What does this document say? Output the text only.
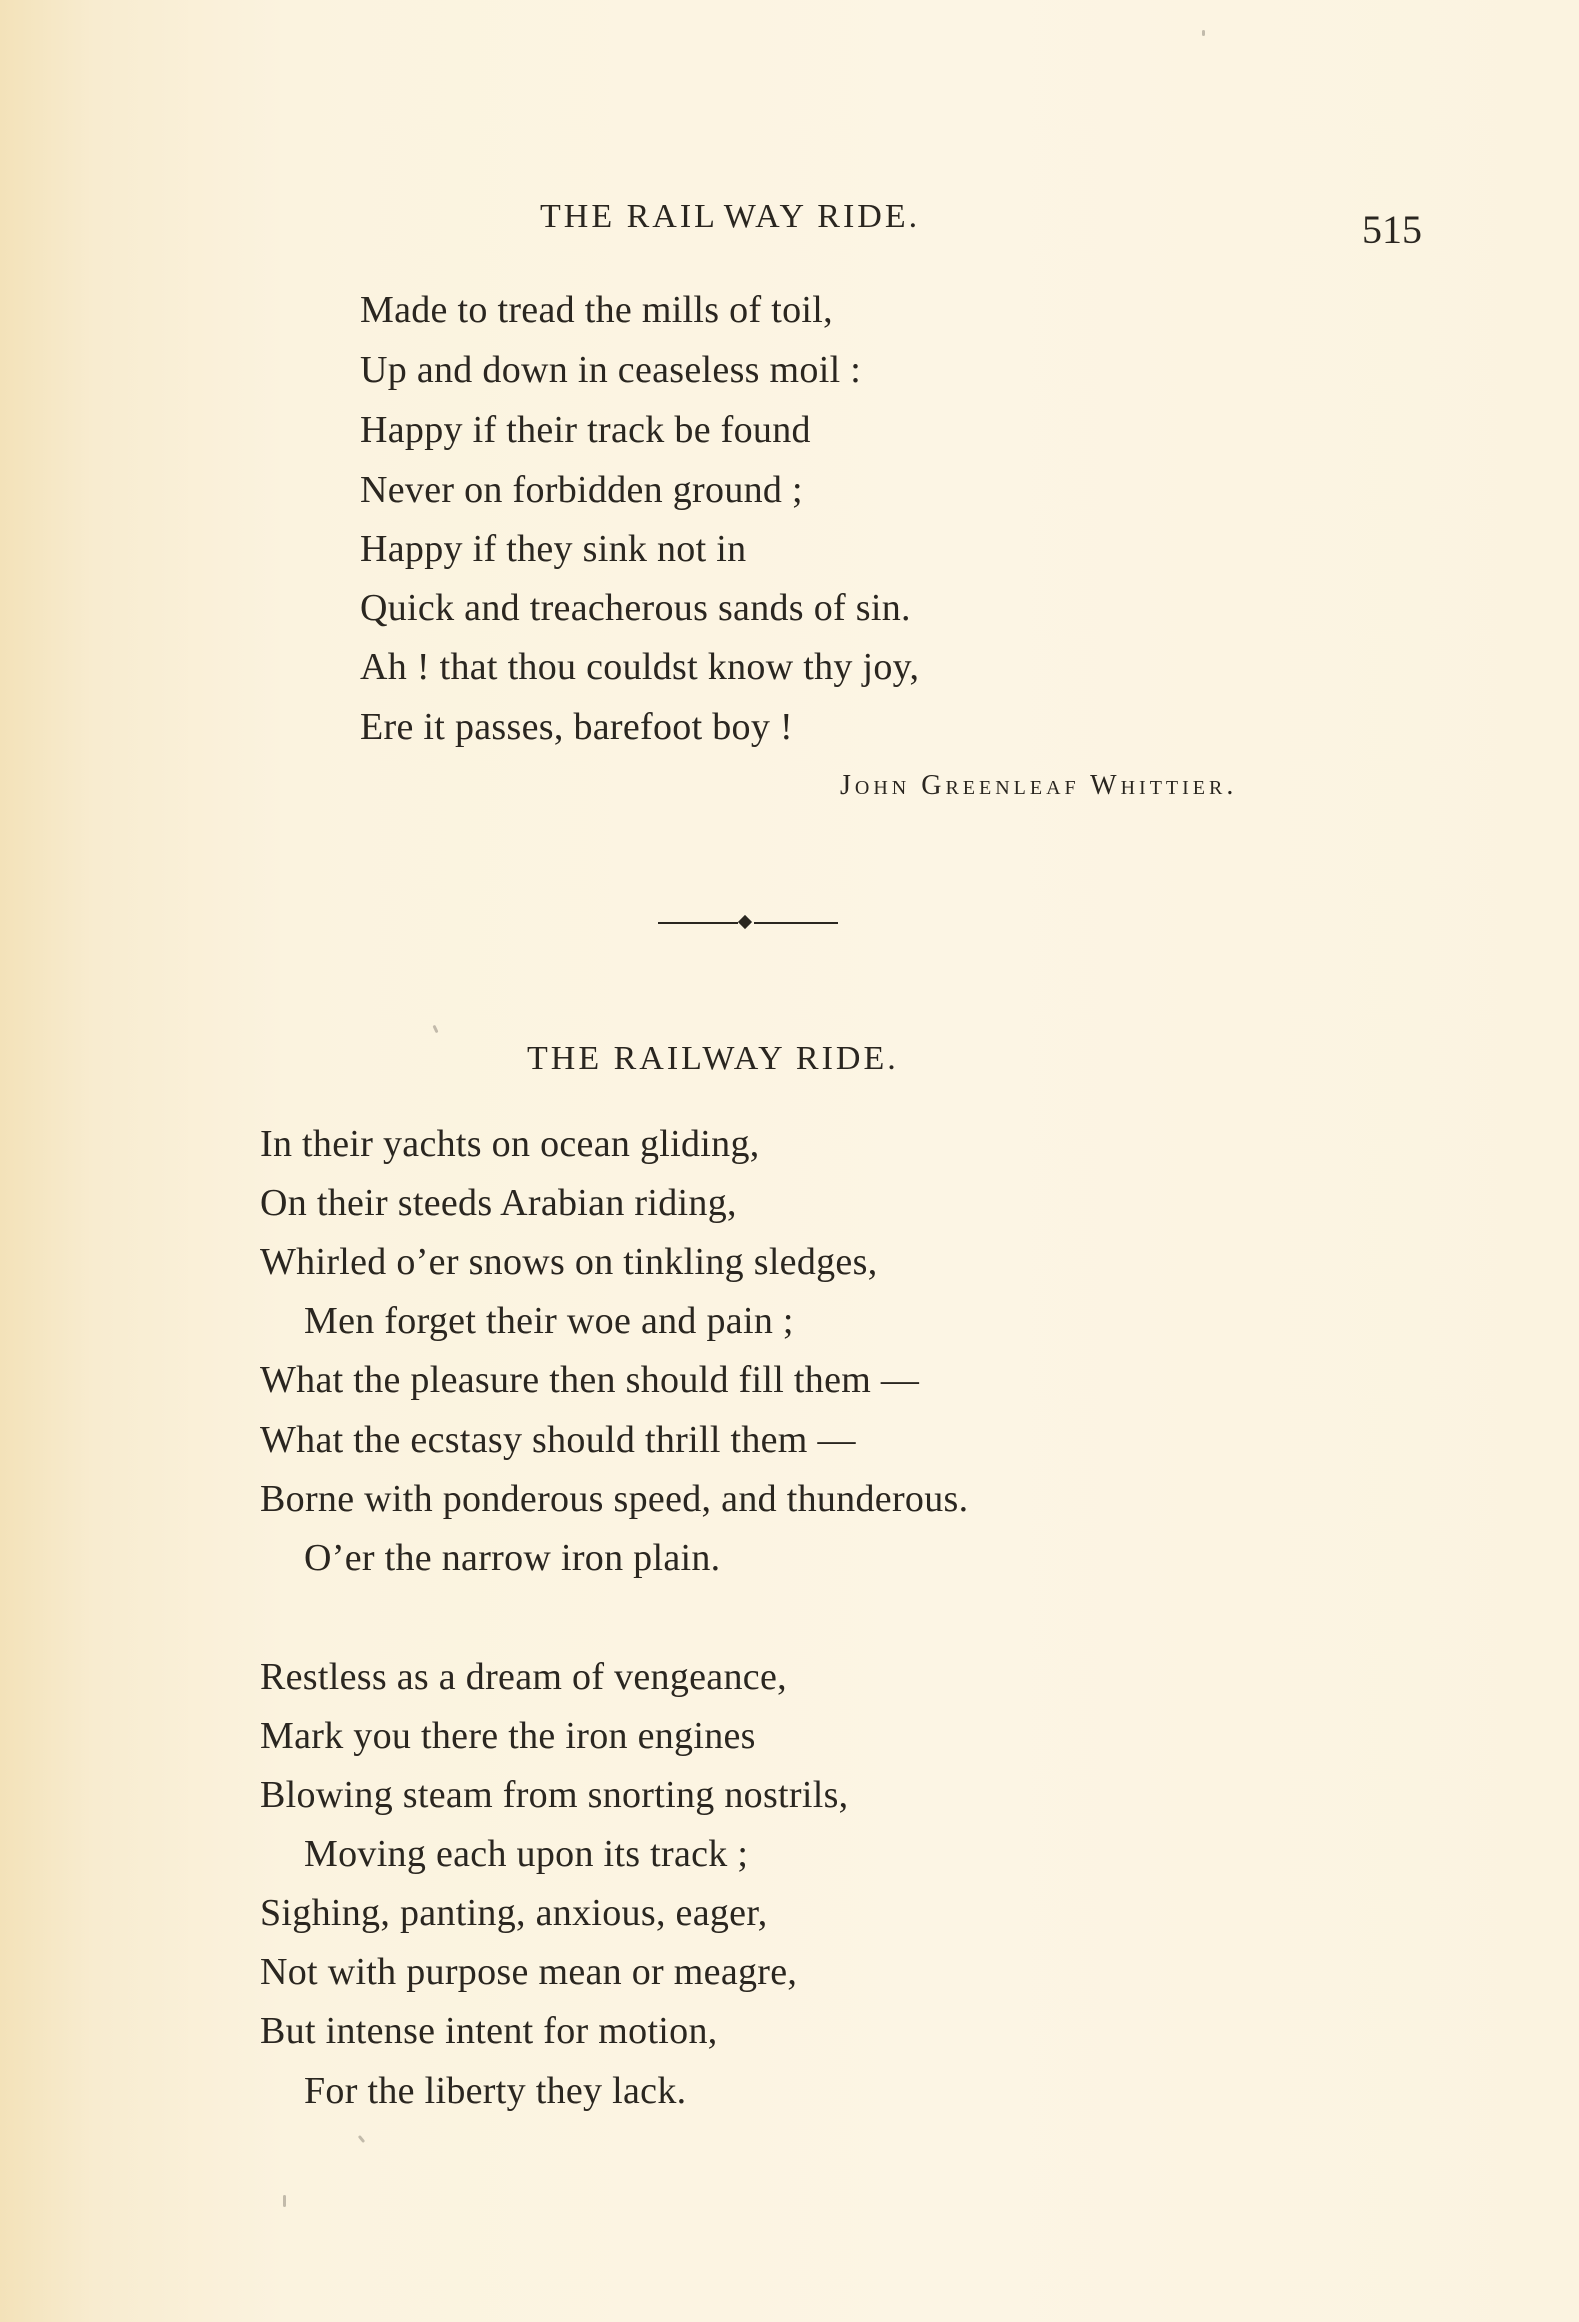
THE RAIL WAY RIDE.	515
Made to tread the mills of toil,
Up and down in ceaseless moil :
Happy if their track be found
Never on forbidden ground ;
Happy if they sink not in
Quick and treacherous sands of sin.
Ah ! that thou couldst know thy joy,
Ere it passes, barefoot boy !
John Greenleaf Whittier.
THE RAILWAY RIDE.
In their yachts on ocean gliding,
On their steeds Arabian riding,
Whirled o’er snows on tinkling sledges,
Men forget their woe and pain ;
What the pleasure then should fill them —
What the ecstasy should thrill them —
Borne with ponderous speed, and thunderous.
O’er the narrow iron plain.
Restless as a dream of vengeance,
Mark you there the iron engines
Blowing steam from snorting nostrils,
Moving each upon its track ;
Sighing, panting, anxious, eager,
Not with purpose mean or meagre,
But intense intent for motion,
For the liberty they lack.
